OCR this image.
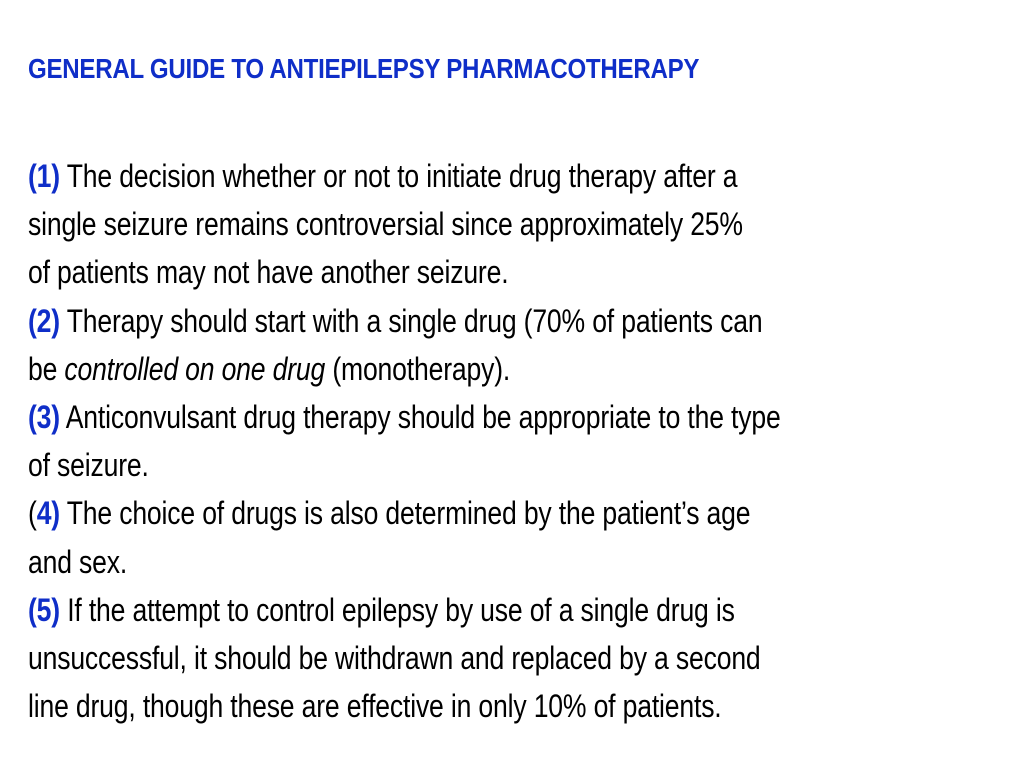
GENERAL GUIDE TO ANTIEPILEPSY PHARMACOTHERAPY
(1) The decision whether or not to initiate drug therapy after a
single seizure remains controversial since approximately 25%
of patients may not have another seizure.
(2) Therapy should start with a single drug (70% of patients can
be controlled on one drug (monotherapy).
(3) Anticonvulsant drug therapy should be appropriate to the type
of seizure.
(4) The choice of drugs is also determined by the patient’s age
and sex.
(5) If the attempt to control epilepsy by use of a single drug is
unsuccessful, it should be withdrawn and replaced by a second
line drug, though these are effective in only 10% of patients.
